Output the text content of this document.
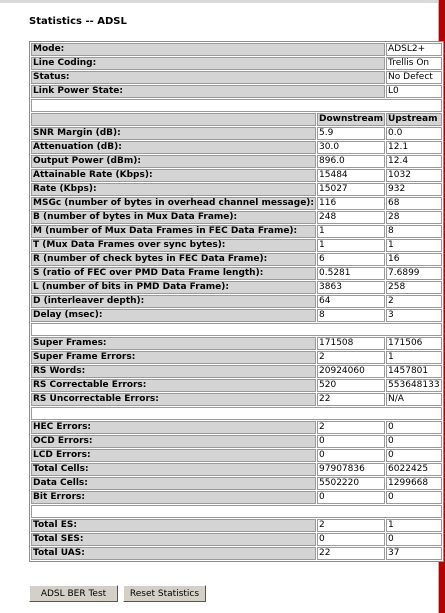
Statistics -- ADSL
Mode:		ADSL2+
Line Coding:		Trellis On
Status:		No Defect
Link Power State:		L0

	Downstream	Upstream
SNR Margin (dB):	5.9	0.0
Attenuation (dB):	30.0	12.1
Output Power (dBm):	896.0	12.4
Attainable Rate (Kbps):	15484	1032
Rate (Kbps):	15027	932
MSGc (number of bytes in overhead channel message):	116	68
B (number of bytes in Mux Data Frame):	248	28
M (number of Mux Data Frames in FEC Data Frame):	1	8
T (Mux Data Frames over sync bytes):	1	1
R (number of check bytes in FEC Data Frame):	6	16
S (ratio of FEC over PMD Data Frame length):	0.5281	7.6899
L (number of bits in PMD Data Frame):	3863	258
D (interleaver depth):	64	2
Delay (msec):	8	3

Super Frames:	171508	171506
Super Frame Errors:	2	1
RS Words:	20924060	1457801
RS Correctable Errors:	520	553648133
RS Uncorrectable Errors:	22	N/A

HEC Errors:	2	0
OCD Errors:	0	0
LCD Errors:	0	0
Total Cells:	97907836	6022425
Data Cells:	5502220	1299668
Bit Errors:	0	0

Total ES:	2	1
Total SES:	0	0
Total UAS:	22	37
ADSL BER Test	Reset Statistics
